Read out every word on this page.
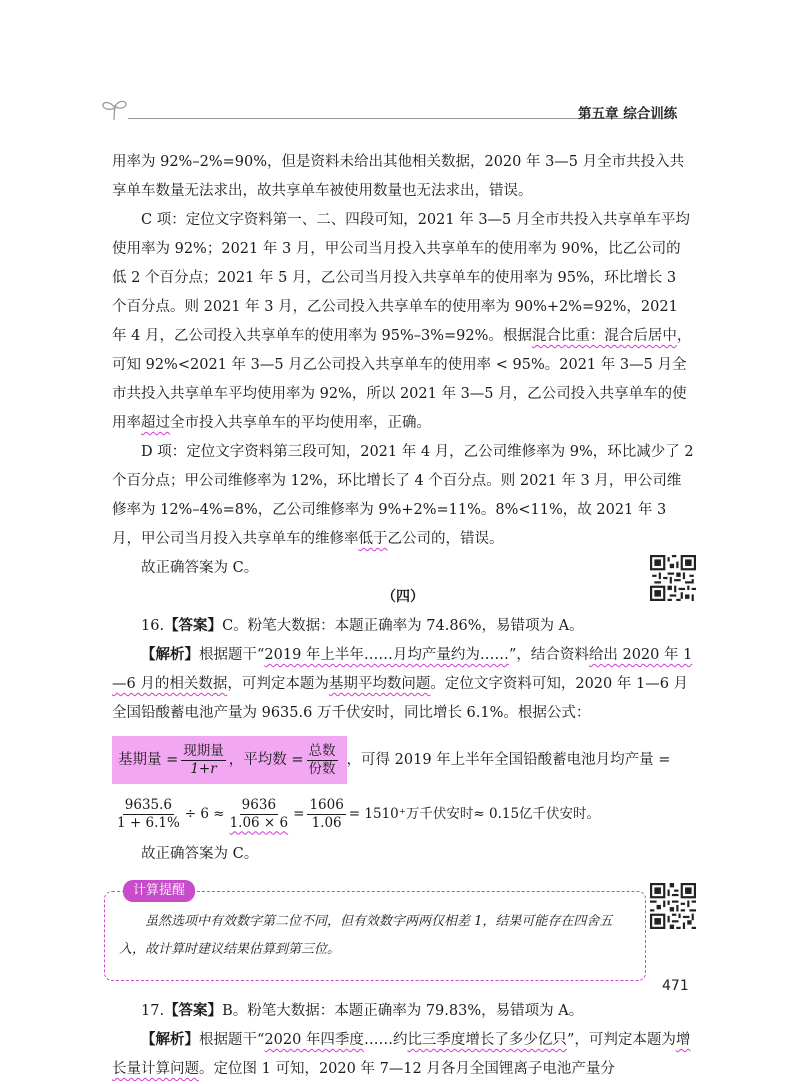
第五章 综合训练

用率为 92%–2%=90%，但是资料未给出其他相关数据，2020 年 3—5 月全市共投入共享单车数量无法求出，故共享单车被使用数量也无法求出，错误。

C 项：定位文字资料第一、二、四段可知，2021 年 3—5 月全市共投入共享单车平均使用率为 92%；2021 年 3 月，甲公司当月投入共享单车的使用率为 90%，比乙公司的低 2 个百分点；2021 年 5 月，乙公司当月投入共享单车的使用率为 95%，环比增长 3 个百分点。则 2021 年 3 月，乙公司投入共享单车的使用率为 90%+2%=92%，2021 年 4 月，乙公司投入共享单车的使用率为 95%–3%=92%。根据混合比重：混合后居中，可知 92%<2021 年 3—5 月乙公司投入共享单车的使用率 < 95%。2021 年 3—5 月全市共投入共享单车平均使用率为 92%，所以 2021 年 3—5 月，乙公司投入共享单车的使用率超过全市投入共享单车的平均使用率，正确。

D 项：定位文字资料第三段可知，2021 年 4 月，乙公司维修率为 9%，环比减少了 2 个百分点；甲公司维修率为 12%，环比增长了 4 个百分点。则 2021 年 3 月，甲公司维修率为 12%–4%=8%，乙公司维修率为 9%+2%=11%。8%<11%，故 2021 年 3 月，甲公司当月投入共享单车的维修率低于乙公司的，错误。

故正确答案为 C。

（四）

16.【答案】C。粉笔大数据：本题正确率为 74.86%，易错项为 A。

【解析】根据题干“2019 年上半年……月均产量约为……”，结合资料给出 2020 年 1—6 月的相关数据，可判定本题为基期平均数问题。定位文字资料可知，2020 年 1—6 月全国铅酸蓄电池产量为 9635.6 万千伏安时，同比增长 6.1%。根据公式：

基期量 = $\frac{\text{现期量}}{1+r}$ ，平均数 = $\frac{\text{总数}}{\text{份数}}$ ，可得 2019 年上半年全国铅酸蓄电池月均产量 =
$\frac{9635.6}{1 + 6.1\%} \div 6 \approx \frac{9636}{1.06 \times 6} = \frac{1606}{1.06} = 1510^+$万千伏安时≈ 0.15亿千伏安时。

故正确答案为 C。

计算提醒

虽然选项中有效数字第二位不同，但有效数字两两仅相差 1，结果可能存在四舍五入，故计算时建议结果估算到第三位。

17.【答案】B。粉笔大数据：本题正确率为 79.83%，易错项为 A。

【解析】根据题干“2020 年四季度……约比三季度增长了多少亿只”，可判定本题为增长量计算问题。定位图 1 可知，2020 年 7—12 月各月全国锂离子电池产量分

471
